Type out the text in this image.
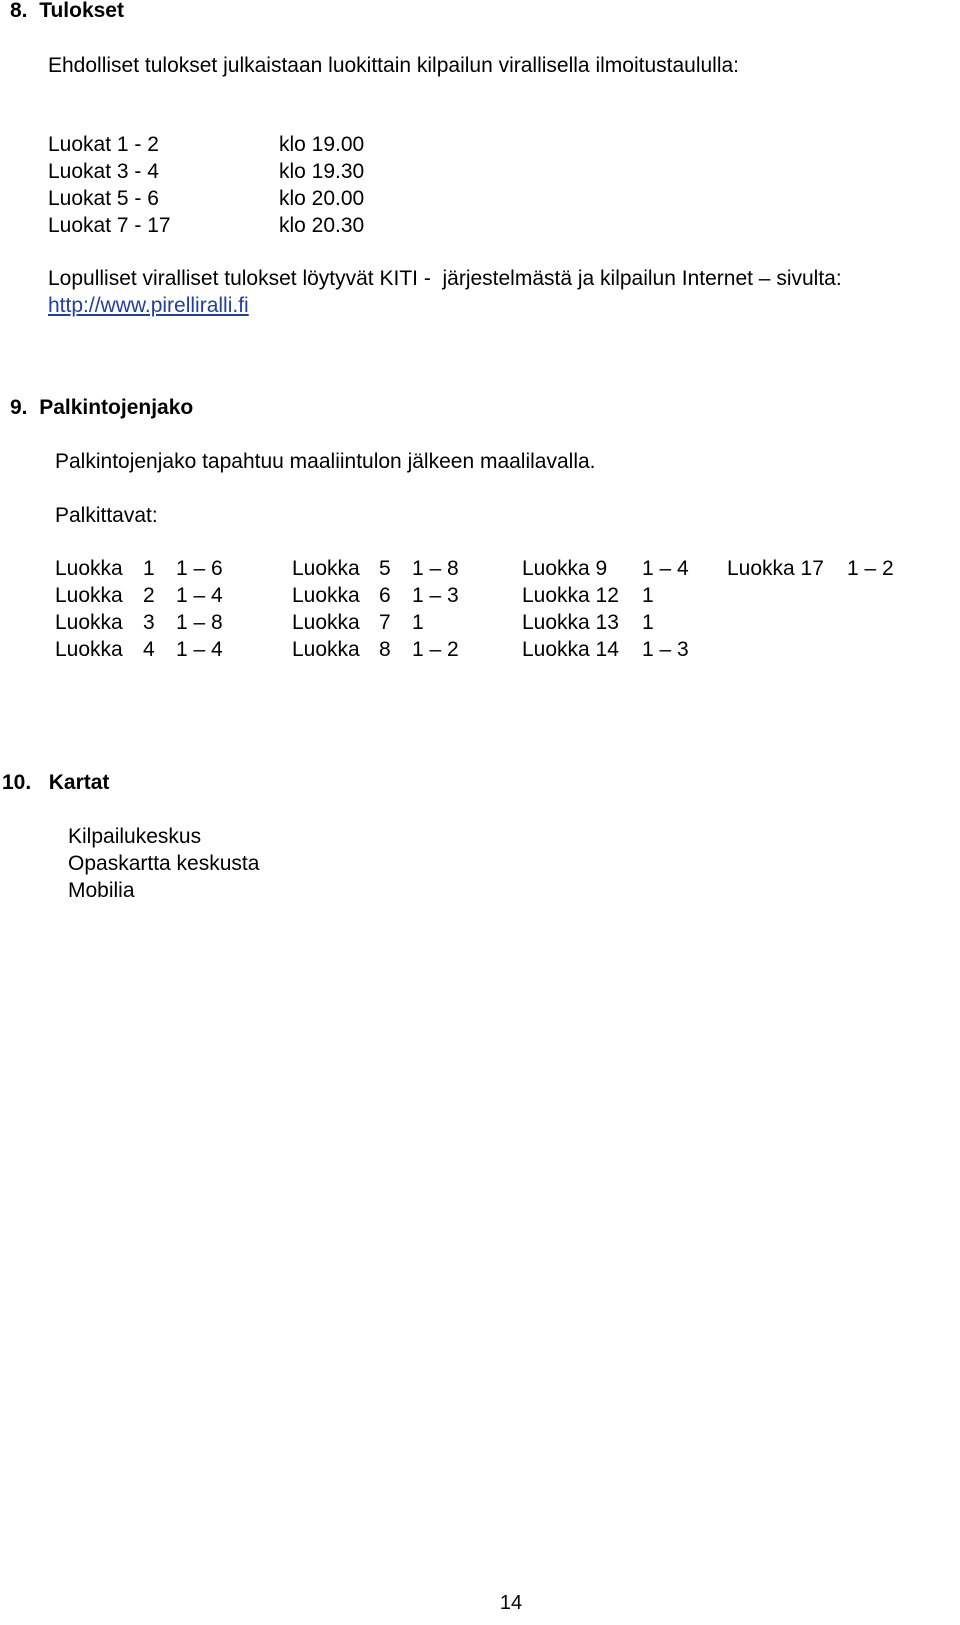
8. Tulokset
Ehdolliset tulokset julkaistaan luokittain kilpailun virallisella ilmoitustaululla:
Luokat 1 - 2	klo 19.00
Luokat 3 - 4	klo 19.30
Luokat 5 - 6	klo 20.00
Luokat 7 - 17	klo 20.30
Lopulliset viralliset tulokset löytyvät KITI -  järjestelmästä ja kilpailun Internet – sivulta:
http://www.pirelliralli.fi
9. Palkintojenjako
Palkintojenjako tapahtuu maaliintulon jälkeen maalilavalla.
Palkittavat:
Luokka 1 1 – 6	Luokka 5 1 – 8	Luokka 9 1 – 4 Luokka 17 1 – 2
Luokka 2 1 – 4	Luokka 6 1 – 3	Luokka 12 1
Luokka 3 1 – 8	Luokka 7 1	Luokka 13 1
Luokka 4 1 – 4	Luokka 8 1 – 2	Luokka 14 1 – 3
10. Kartat
Kilpailukeskus
Opaskartta keskusta
Mobilia
14
